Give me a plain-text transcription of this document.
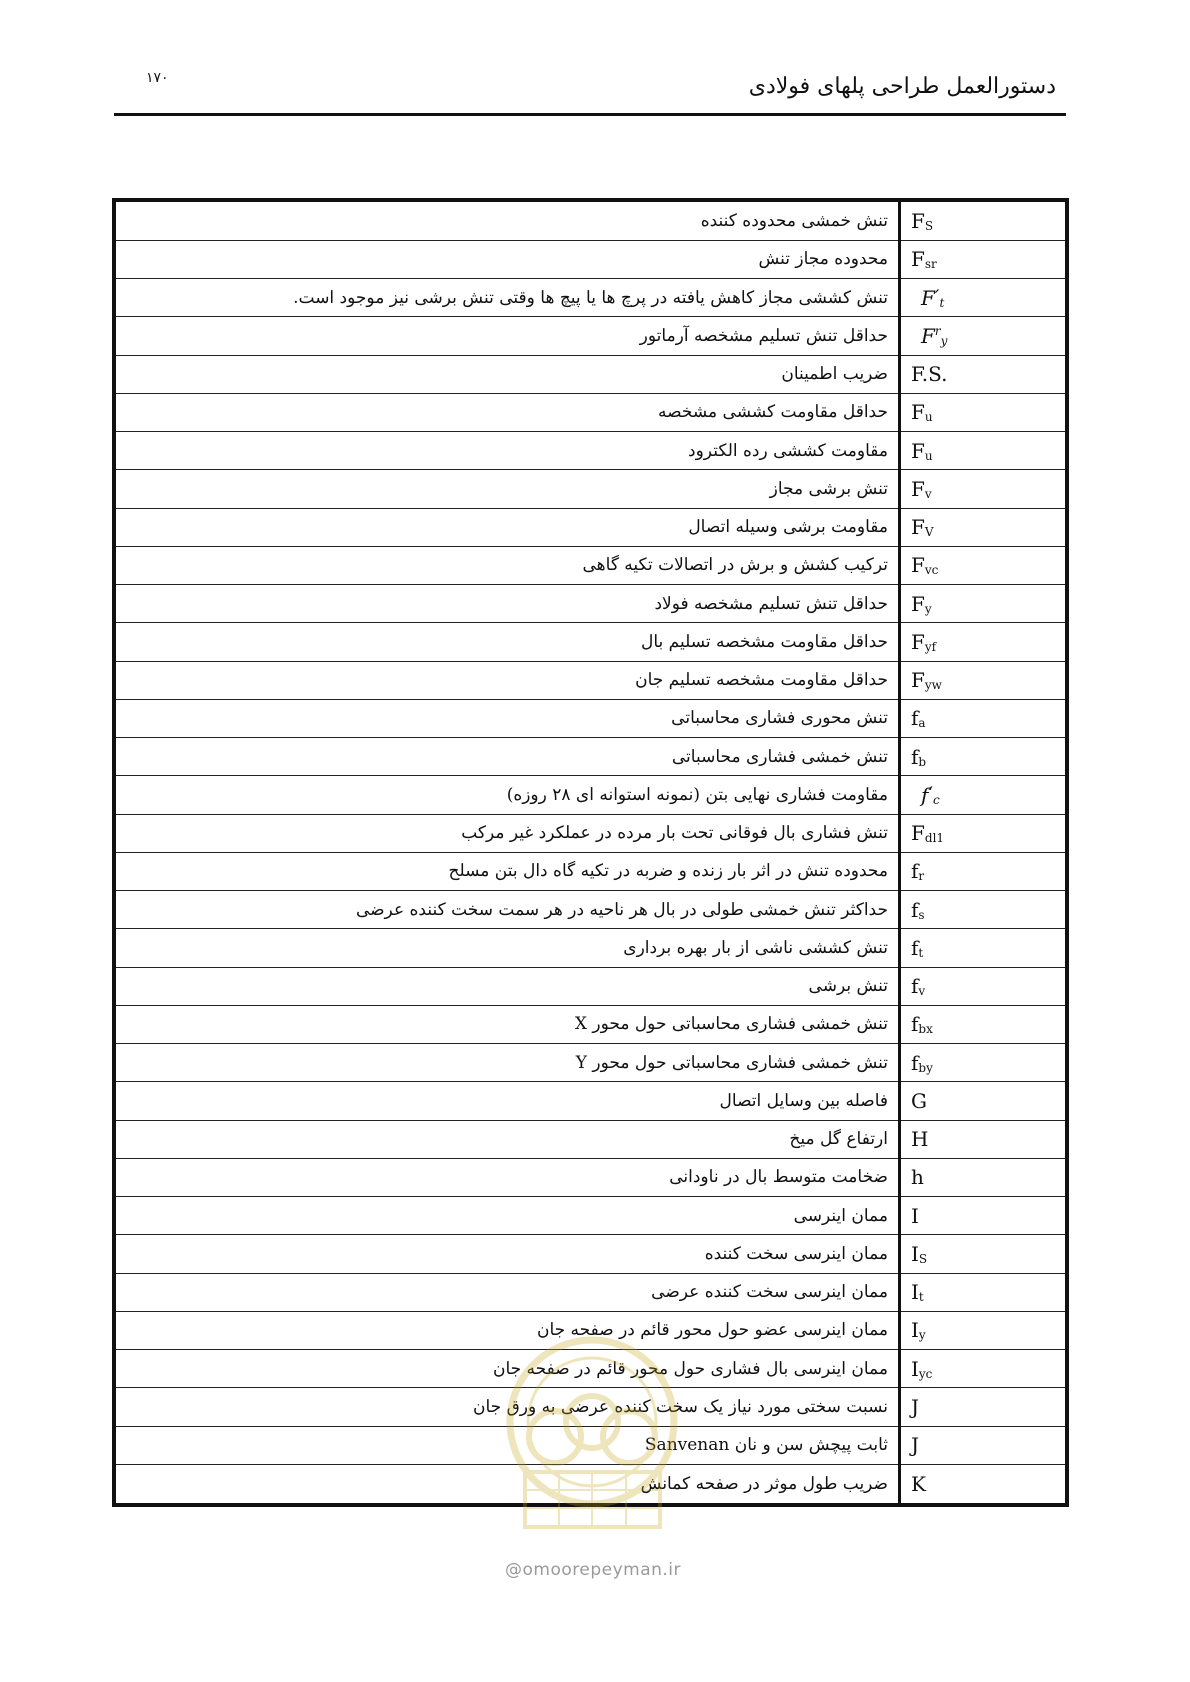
دستورالعمل طراحی پلهای فولادی
۱۷۰
تنش خمشی محدوده کننده	FS
محدوده مجاز تنش	Fsr
تنش کششی مجاز کاهش یافته در پرچ ها یا پیچ ها وقتی تنش برشی نیز موجود است.	F′t
حداقل تنش تسلیم مشخصه آرماتور	$F^ry$
ضریب اطمینان	F.S.
حداقل مقاومت کششی مشخصه	Fu
مقاومت کششی رده الکترود	Fu
تنش برشی مجاز	Fv
مقاومت برشی وسیله اتصال	FV
ترکیب کشش و برش در اتصالات تکیه گاهی	Fvc
حداقل تنش تسلیم مشخصه فولاد	Fy
حداقل مقاومت مشخصه تسلیم بال	Fyf
حداقل مقاومت مشخصه تسلیم جان	Fyw
تنش محوری فشاری محاسباتی	fa
تنش خمشی فشاری محاسباتی	fb
مقاومت فشاری نهایی بتن (نمونه استوانه ای ۲۸ روزه)	f′c
تنش فشاری بال فوقانی تحت بار مرده در عملکرد غیر مرکب	Fdl1
محدوده تنش در اثر بار زنده و ضربه در تکیه گاه دال بتن مسلح	fr
حداکثر تنش خمشی طولی در بال هر ناحیه در هر سمت سخت کننده عرضی	fs
تنش کششی ناشی از بار بهره برداری	ft
تنش برشی	fv
تنش خمشی فشاری محاسباتی حول محور X	fbx
تنش خمشی فشاری محاسباتی حول محور Y	fby
فاصله بین وسایل اتصال	G
ارتفاع گل میخ	H
ضخامت متوسط بال در ناودانی	h
ممان اینرسی	I
ممان اینرسی سخت کننده	IS
ممان اینرسی سخت کننده عرضی	It
ممان اینرسی عضو حول محور قائم در صفحه جان	Iy
ممان اینرسی بال فشاری حول محور قائم در صفحه جان	Iyc
نسبت سختی مورد نیاز یک سخت کننده عرضی به ورق جان	J
ثابت پیچش سن و نان Sanvenan	J
ضریب طول موثر در صفحه کمانش	K
@omoorepeyman.ir
